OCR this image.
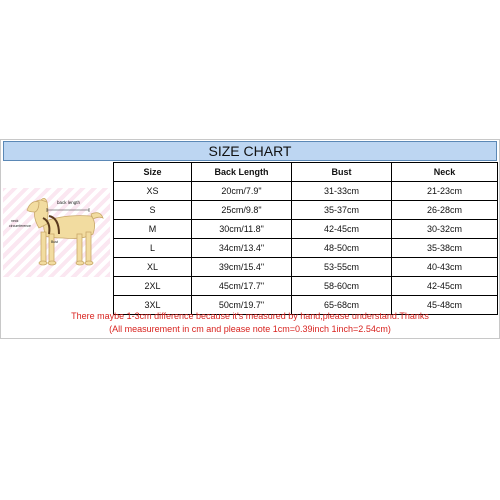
SIZE CHART
back length
neck
circumference
Bust
Size	Back Length	Bust	Neck
XS	20cm/7.9"	31-33cm	21-23cm
S	25cm/9.8"	35-37cm	26-28cm
M	30cm/11.8"	42-45cm	30-32cm
L	34cm/13.4"	48-50cm	35-38cm
XL	39cm/15.4"	53-55cm	40-43cm
2XL	45cm/17.7"	58-60cm	42-45cm
3XL	50cm/19.7"	65-68cm	45-48cm
There maybe 1-3cm difference because it's measured by hand,please understand.Thanks
(All measurement in cm and please note 1cm=0.39inch 1inch=2.54cm)
